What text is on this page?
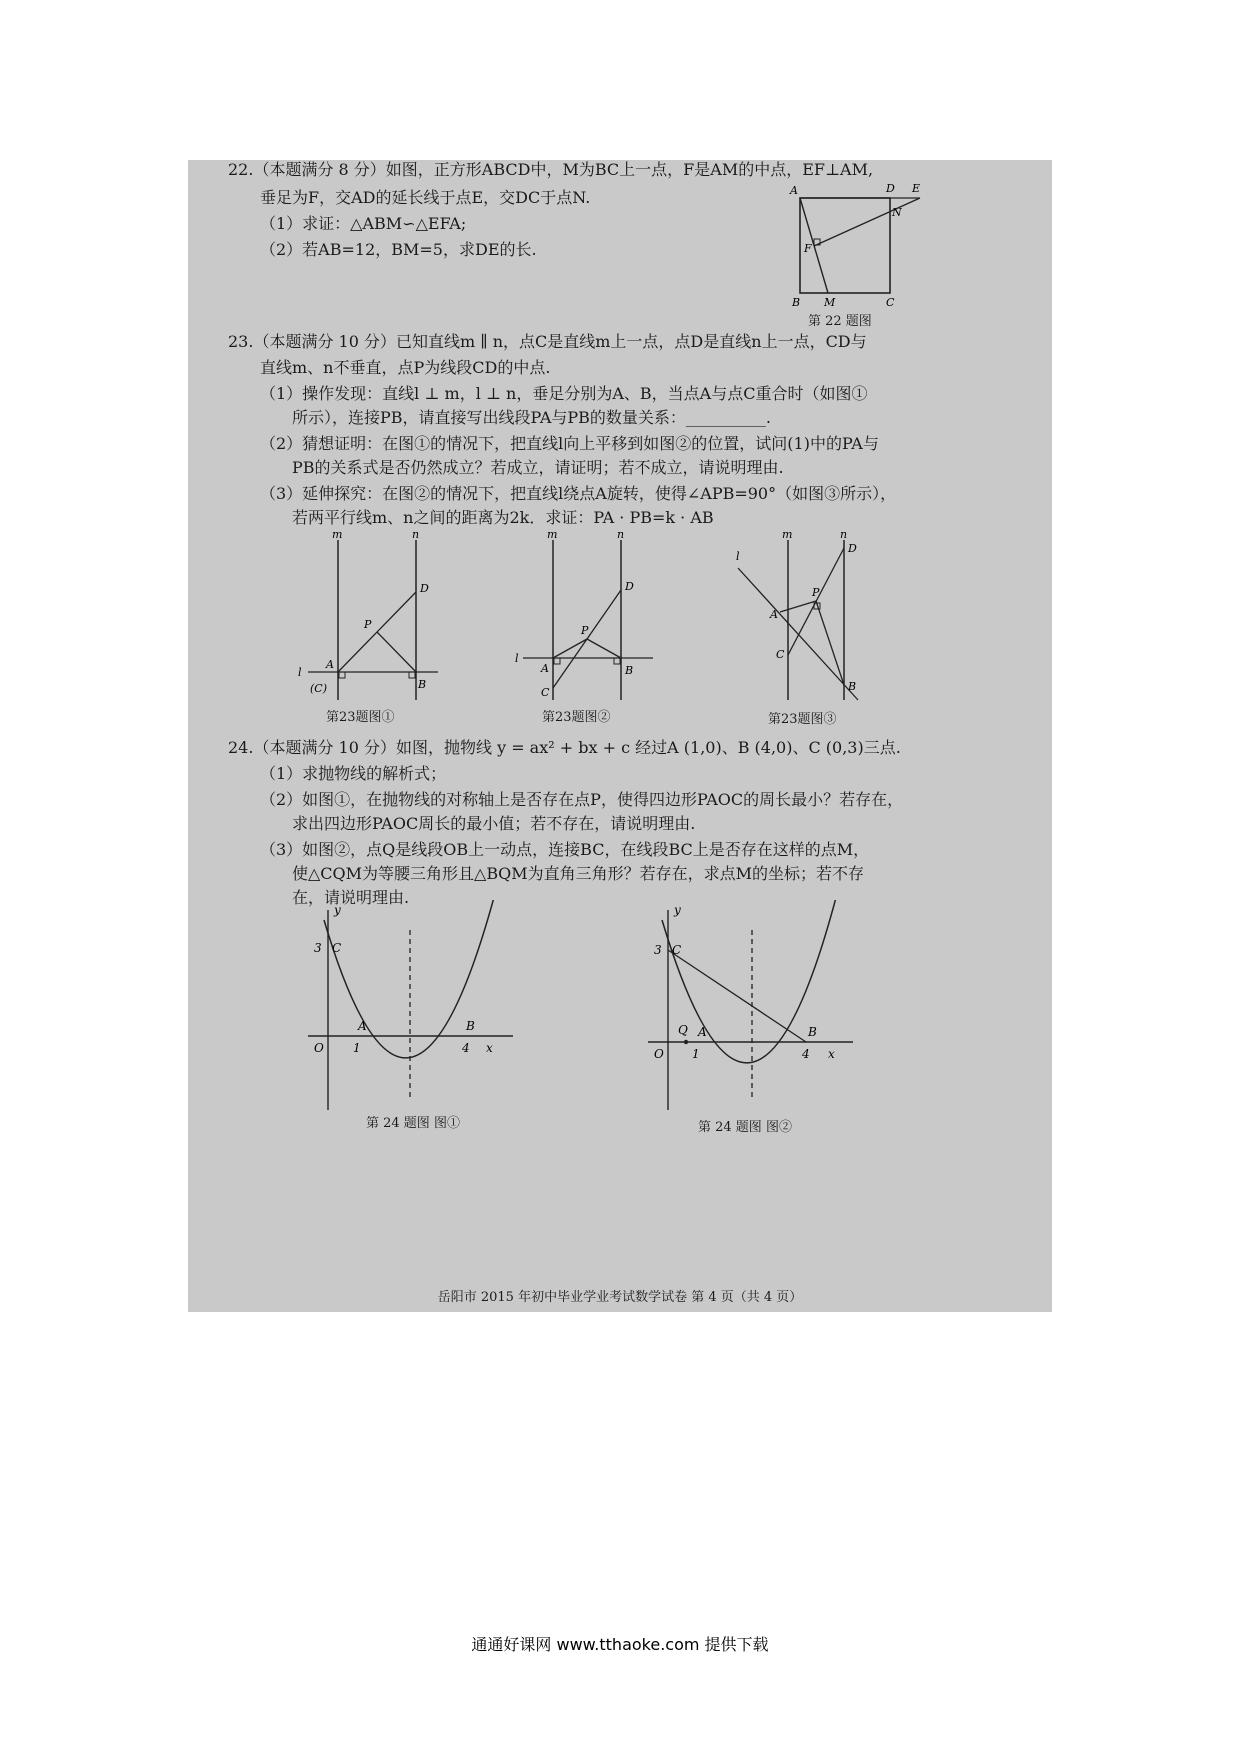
22.（本题满分 8 分）如图，正方形ABCD中，M为BC上一点，F是AM的中点，EF⊥AM,
垂足为F，交AD的延长线于点E，交DC于点N.
（1）求证：△ABM∽△EFA;
（2）若AB=12，BM=5，求DE的长.
A	D E
N
F
B M	C
第 22 题图
23.（本题满分 10 分）已知直线m ∥ n，点C是直线m上一点，点D是直线n上一点，CD与
直线m、n不垂直，点P为线段CD的中点.
（1）操作发现：直线l ⊥ m，l ⊥ n，垂足分别为A、B，当点A与点C重合时（如图①
所示），连接PB，请直接写出线段PA与PB的数量关系：__________.
（2）猜想证明：在图①的情况下，把直线l向上平移到如图②的位置，试问(1)中的PA与
PB的关系式是否仍然成立？若成立，请证明；若不成立，请说明理由.
（3）延伸探究：在图②的情况下，把直线l绕点A旋转，使得∠APB=90°（如图③所示），
若两平行线m、n之间的距离为2k．求证：PA · PB=k · AB
m	n
D
P
l
A
B
(C)
第23题图①
m	n
D
P
l
A	B
C
第23题图②
m	n
D
P
l
A
C
B
第23题图③
24.（本题满分 10 分）如图，抛物线 y = ax² + bx + c 经过A (1,0)、B (4,0)、C (0,3)三点.
（1）求抛物线的解析式；
（2）如图①，在抛物线的对称轴上是否存在点P，使得四边形PAOC的周长最小？若存在，
求出四边形PAOC周长的最小值；若不存在，请说明理由.
（3）如图②，点Q是线段OB上一动点，连接BC，在线段BC上是否存在这样的点M，
使△CQM为等腰三角形且△BQM为直角三角形？若存在，求点M的坐标；若不存
在，请说明理由.
y
3 C
A	B
O 1	4 x
第 24 题图 图①
y
3 C
Q A	B
O 1	4 x
第 24 题图 图②
岳阳市 2015 年初中毕业学业考试数学试卷 第 4 页（共 4 页）
通通好课网 www.tthaoke.com 提供下载
